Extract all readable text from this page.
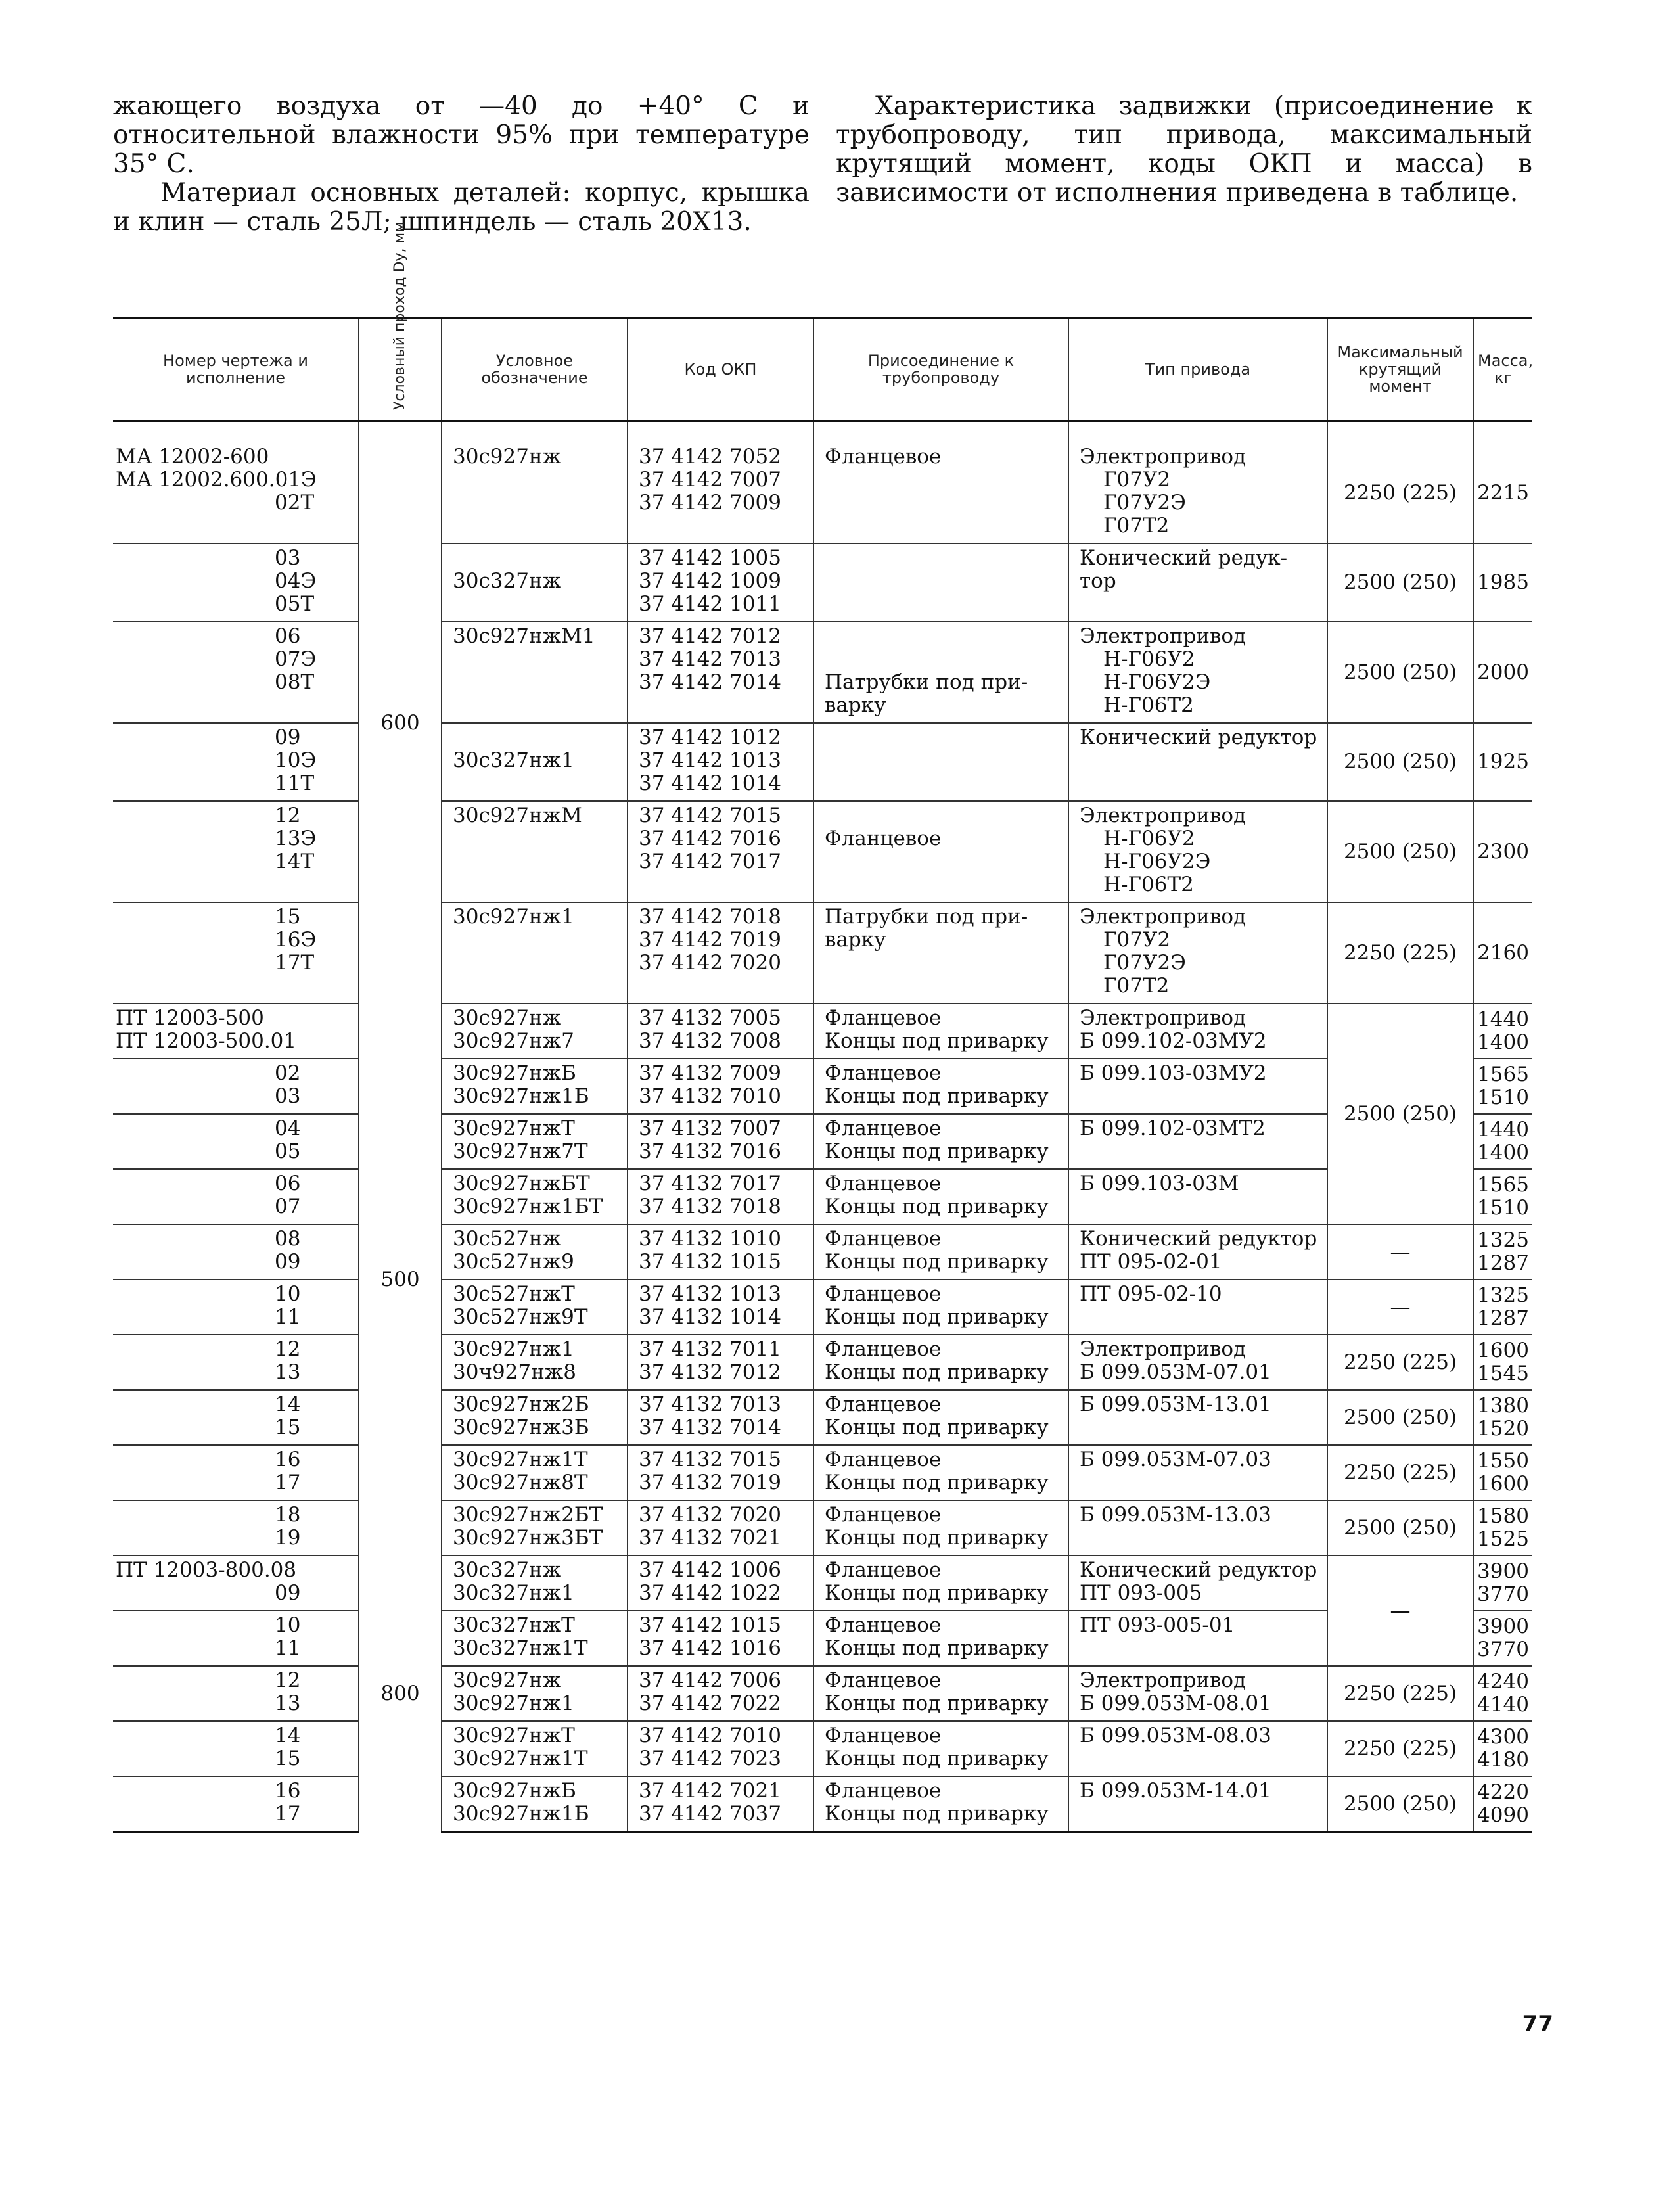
жающего воздуха от —40 до +40° С и относительной влажности 95% при температуре 35° С.

Материал основных деталей: корпус, крышка и клин — сталь 25Л; шпиндель — сталь 20Х13.

Характеристика задвижки (присоединение к трубопроводу, тип привода, максимальный крутящий момент, коды ОКП и масса) в зависимости от исполнения приведена в таблице.

Номер чертежа и исполнение	Условный проход Dу, мм	Условное обозначение	Код ОКП	Присоединение к трубопроводу	Тип привода	Максимальный крутящий момент	Масса, кг

МА 12002-600
МА 12002.600.01Э
02Т	600	30с927нж	37 4142 7052
37 4142 7007
37 4142 7009	Фланцевое	Электропривод
Г07У2
Г07У2Э
Г07Т2	2250 (225)	2215

03
04Э
05Т		30с327нж	37 4142 1005
37 4142 1009
37 4142 1011		Конический редук-
тор	2500 (250)	1985

06
07Э
08Т		30с927нжМ1	37 4142 7012
37 4142 7013
37 4142 7014	Патрубки под при-
варку	Электропривод
Н-Г06У2
Н-Г06У2Э
Н-Г06Т2	2500 (250)	2000

09
10Э
11Т		30с327нж1	37 4142 1012
37 4142 1013
37 4142 1014		Конический редуктор	2500 (250)	1925

12
13Э
14Т		30с927нжМ	37 4142 7015
37 4142 7016
37 4142 7017	Фланцевое	Электропривод
Н-Г06У2
Н-Г06У2Э
Н-Г06Т2	2500 (250)	2300

15
16Э
17Т		30с927нж1	37 4142 7018
37 4142 7019
37 4142 7020	Патрубки под при-
варку	Электропривод
Г07У2
Г07У2Э
Г07Т2	2250 (225)	2160

ПТ 12003-500
ПТ 12003-500.01	500	30с927нж
30с927нж7	37 4132 7005
37 4132 7008	Фланцевое
Концы под приварку	Электропривод
Б 099.102-03МУ2	2500 (250)	1440
1400

02
03		30с927нжБ
30с927нж1Б	37 4132 7009
37 4132 7010	Фланцевое
Концы под приварку	Б 099.103-03МУ2		1565
1510

04
05		30с927нжТ
30с927нж7Т	37 4132 7007
37 4132 7016	Фланцевое
Концы под приварку	Б 099.102-03МТ2		1440
1400

06
07		30с927нжБТ
30с927нж1БТ	37 4132 7017
37 4132 7018	Фланцевое
Концы под приварку	Б 099.103-03М		1565
1510

08
09		30с527нж
30с527нж9	37 4132 1010
37 4132 1015	Фланцевое
Концы под приварку	Конический редуктор
ПТ 095-02-01	—	1325
1287

10
11		30с527нжТ
30с527нж9Т	37 4132 1013
37 4132 1014	Фланцевое
Концы под приварку	ПТ 095-02-10	—	1325
1287

12
13		30с927нж1
30ч927нж8	37 4132 7011
37 4132 7012	Фланцевое
Концы под приварку	Электропривод
Б 099.053М-07.01	2250 (225)	1600
1545

14
15		30с927нж2Б
30с927нж3Б	37 4132 7013
37 4132 7014	Фланцевое
Концы под приварку	Б 099.053М-13.01	2500 (250)	1380
1520

16
17		30с927нж1Т
30с927нж8Т	37 4132 7015
37 4132 7019	Фланцевое
Концы под приварку	Б 099.053М-07.03	2250 (225)	1550
1600

18
19		30с927нж2БТ
30с927нж3БТ	37 4132 7020
37 4132 7021	Фланцевое
Концы под приварку	Б 099.053М-13.03	2500 (250)	1580
1525

ПТ 12003-800.08
09	800	30с327нж
30с327нж1	37 4142 1006
37 4142 1022	Фланцевое
Концы под приварку	Конический редуктор
ПТ 093-005	—	3900
3770

10
11		30с327нжТ
30с327нж1Т	37 4142 1015
37 4142 1016	Фланцевое
Концы под приварку	ПТ 093-005-01		3900
3770

12
13		30с927нж
30с927нж1	37 4142 7006
37 4142 7022	Фланцевое
Концы под приварку	Электропривод
Б 099.053М-08.01	2250 (225)	4240
4140

14
15		30с927нжТ
30с927нж1Т	37 4142 7010
37 4142 7023	Фланцевое
Концы под приварку	Б 099.053М-08.03	2250 (225)	4300
4180

16
17		30с927нжБ
30с927нж1Б	37 4142 7021
37 4142 7037	Фланцевое
Концы под приварку	Б 099.053М-14.01	2500 (250)	4220
4090
77
